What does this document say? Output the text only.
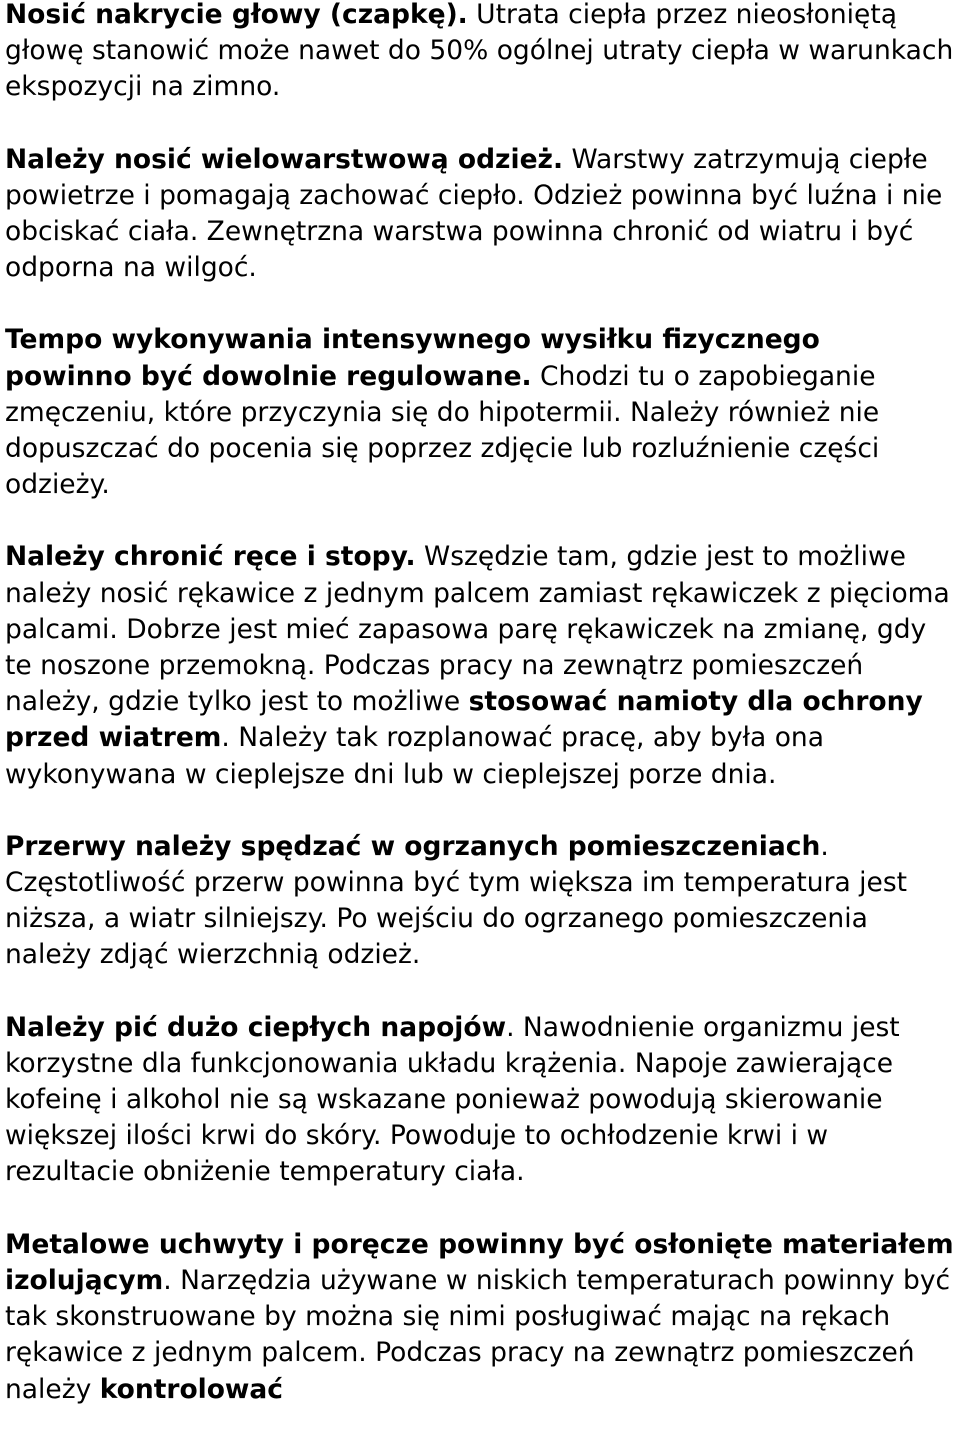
Nosić nakrycie głowy (czapkę). Utrata ciepła przez nieosłoniętą głowę stanowić może nawet do 50% ogólnej utraty ciepła w warunkach ekspozycji na zimno.

Należy nosić wielowarstwową odzież. Warstwy zatrzymują ciepłe powietrze i pomagają zachować ciepło. Odzież powinna być luźna i nie obciskać ciała. Zewnętrzna warstwa powinna chronić od wiatru i być odporna na wilgoć.

Tempo wykonywania intensywnego wysiłku fizycznego powinno być dowolnie regulowane. Chodzi tu o zapobieganie zmęczeniu, które przyczynia się do hipotermii. Należy również nie dopuszczać do pocenia się poprzez zdjęcie lub rozluźnienie części odzieży.

Należy chronić ręce i stopy. Wszędzie tam, gdzie jest to możliwe należy nosić rękawice z jednym palcem zamiast rękawiczek z pięcioma palcami. Dobrze jest mieć zapasowa parę rękawiczek na zmianę, gdy te noszone przemokną. Podczas pracy na zewnątrz pomieszczeń należy, gdzie tylko jest to możliwe stosować namioty dla ochrony przed wiatrem. Należy tak rozplanować pracę, aby była ona wykonywana w cieplejsze dni lub w cieplejszej porze dnia.

Przerwy należy spędzać w ogrzanych pomieszczeniach. Częstotliwość przerw powinna być tym większa im temperatura jest niższa, a wiatr silniejszy. Po wejściu do ogrzanego pomieszczenia należy zdjąć wierzchnią odzież.

Należy pić dużo ciepłych napojów. Nawodnienie organizmu jest korzystne dla funkcjonowania układu krążenia. Napoje zawierające kofeinę i alkohol nie są wskazane ponieważ powodują skierowanie większej ilości krwi do skóry. Powoduje to ochłodzenie krwi i w rezultacie obniżenie temperatury ciała.

Metalowe uchwyty i poręcze powinny być osłonięte materiałem izolującym. Narzędzia używane w niskich temperaturach powinny być tak skonstruowane by można się nimi posługiwać mając na rękach rękawice z jednym palcem. Podczas pracy na zewnątrz pomieszczeń należy kontrolować
